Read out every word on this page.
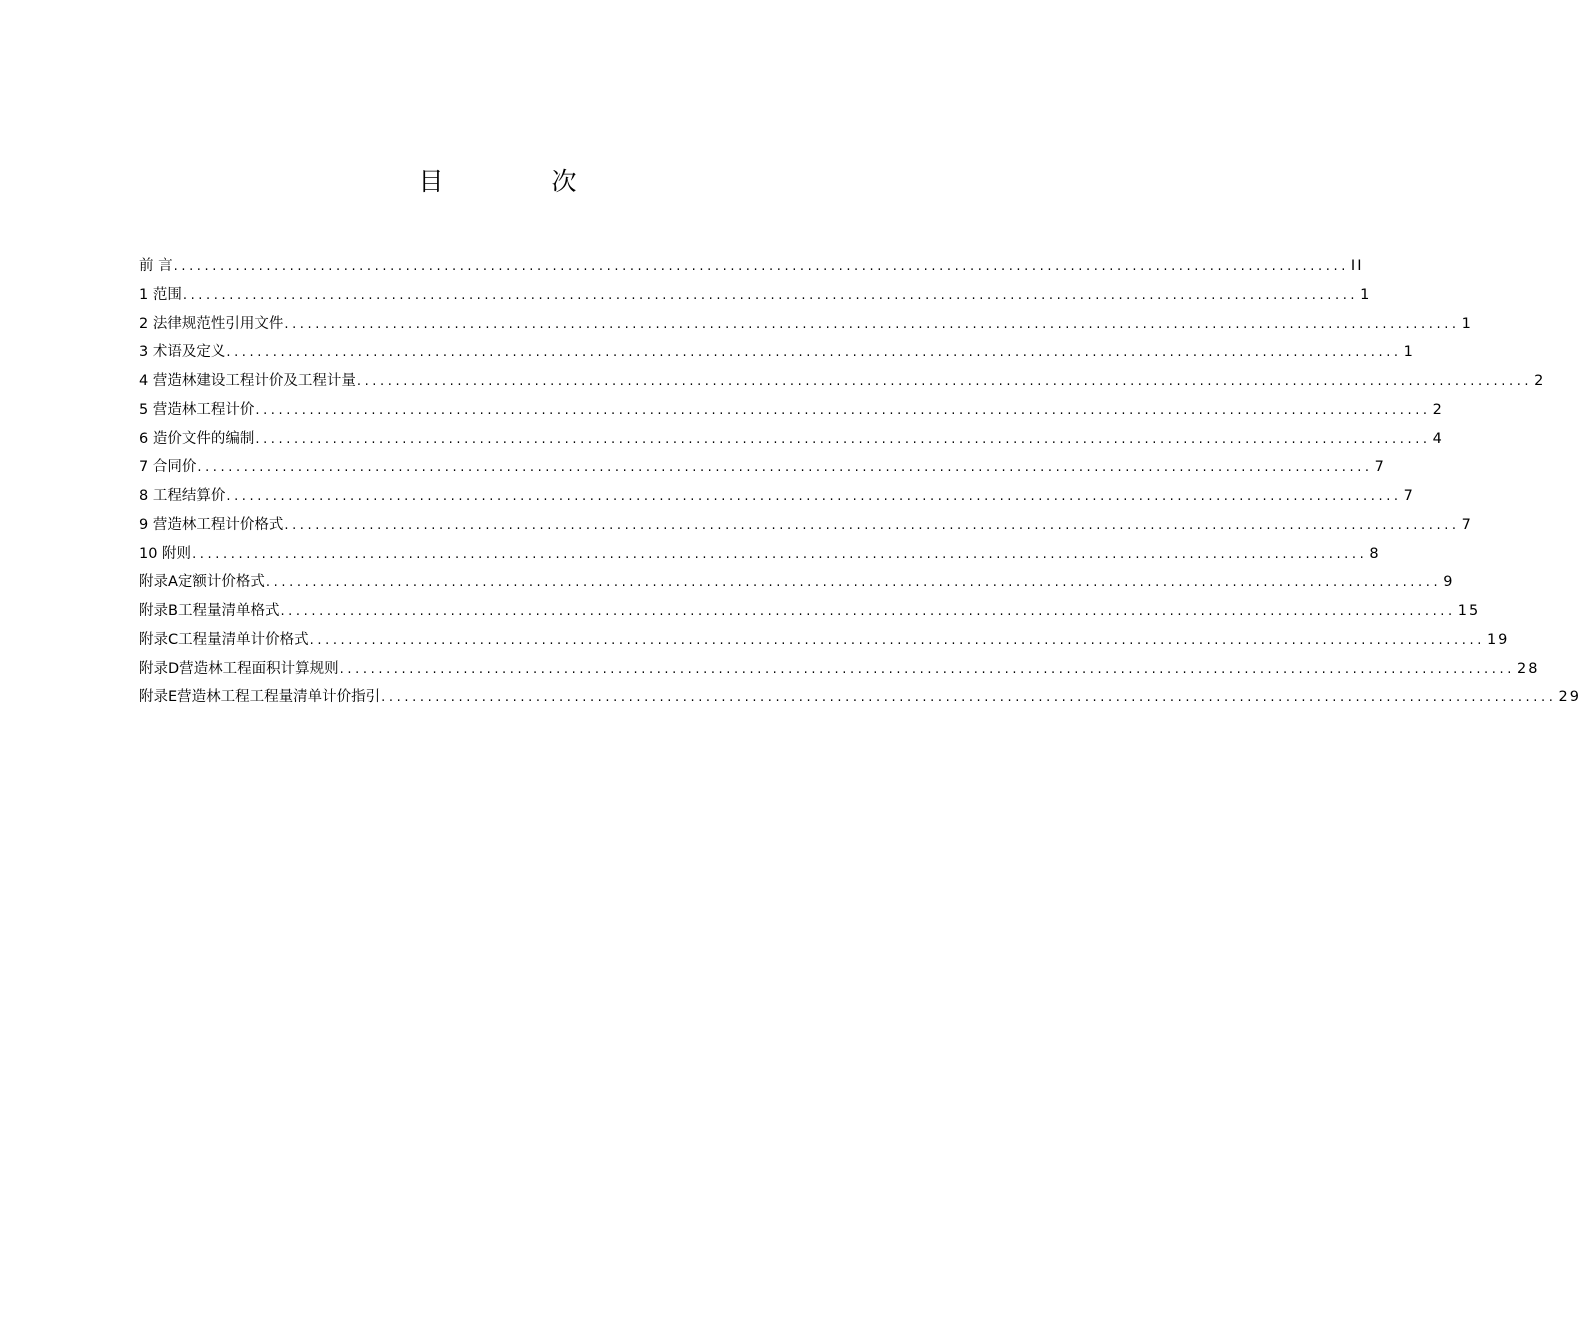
目 次
前 言 ........................................................................................................................................................ II
1 范围 ........................................................................................................................................................ 1
2 法律规范性引用文件 ........................................................................................................................................................ 1
3 术语及定义 ........................................................................................................................................................ 1
4 营造林建设工程计价及工程计量 ........................................................................................................................................................ 2
5 营造林工程计价 ........................................................................................................................................................ 2
6 造价文件的编制 ........................................................................................................................................................ 4
7 合同价 ........................................................................................................................................................ 7
8 工程结算价 ........................................................................................................................................................ 7
9 营造林工程计价格式 ........................................................................................................................................................ 7
10 附则 ........................................................................................................................................................ 8
附录A定额计价格式 ........................................................................................................................................................ 9
附录B工程量清单格式 ........................................................................................................................................................ 15
附录C工程量清单计价格式 ........................................................................................................................................................ 19
附录D营造林工程面积计算规则 ........................................................................................................................................................ 28
附录E营造林工程工程量清单计价指引 ........................................................................................................................................................ 29
